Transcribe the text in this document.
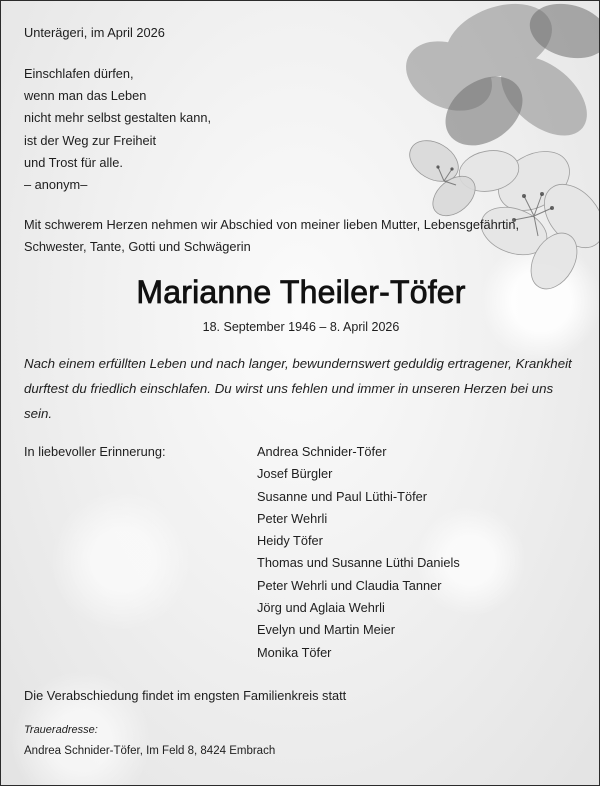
Unterägeri, im April 2026
Einschlafen dürfen,
wenn man das Leben
nicht mehr selbst gestalten kann,
ist der Weg zur Freiheit
und Trost für alle.
– anonym–
Mit schwerem Herzen nehmen wir Abschied von meiner lieben Mutter, Lebensgefährtin, Schwester, Tante, Gotti und Schwägerin
Marianne Theiler-Töfer
18. September 1946 – 8. April 2026
Nach einem erfüllten Leben und nach langer, bewundernswert geduldig ertragener, Krankheit durftest du friedlich einschlafen. Du wirst uns fehlen und immer in unseren Herzen bei uns sein.
In liebevoller Erinnerung:	Andrea Schnider-Töfer
Josef Bürgler
Susanne und Paul Lüthi-Töfer
Peter Wehrli
Heidy Töfer
Thomas und Susanne Lüthi Daniels
Peter Wehrli und Claudia Tanner
Jörg und Aglaia Wehrli
Evelyn und Martin Meier
Monika Töfer
Die Verabschiedung findet im engsten Familienkreis statt
Traueradresse:
Andrea Schnider-Töfer, Im Feld 8, 8424 Embrach
